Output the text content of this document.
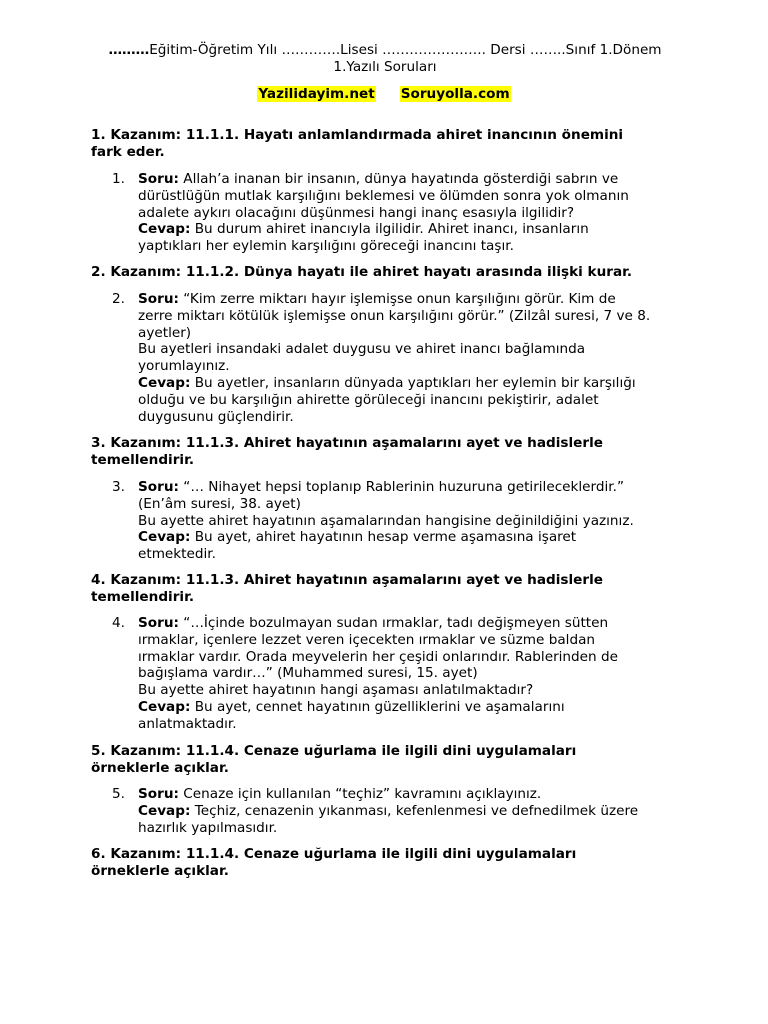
………Eğitim-Öğretim Yılı ………….Lisesi ………………….. Dersi ……..Sınıf 1.Dönem
1.Yazılı Soruları
Yazilidayim.net Soruyolla.com
1. Kazanım: 11.1.1. Hayatı anlamlandırmada ahiret inancının önemini
fark eder.
1. Soru: Allah’a inanan bir insanın, dünya hayatında gösterdiği sabrın ve
dürüstlüğün mutlak karşılığını beklemesi ve ölümden sonra yok olmanın
adalete aykırı olacağını düşünmesi hangi inanç esasıyla ilgilidir?
Cevap: Bu durum ahiret inancıyla ilgilidir. Ahiret inancı, insanların
yaptıkları her eylemin karşılığını göreceği inancını taşır.
2. Kazanım: 11.1.2. Dünya hayatı ile ahiret hayatı arasında ilişki kurar.
2. Soru: “Kim zerre miktarı hayır işlemişse onun karşılığını görür. Kim de
zerre miktarı kötülük işlemişse onun karşılığını görür.” (Zilzâl suresi, 7 ve 8.
ayetler)
Bu ayetleri insandaki adalet duygusu ve ahiret inancı bağlamında
yorumlayınız.
Cevap: Bu ayetler, insanların dünyada yaptıkları her eylemin bir karşılığı
olduğu ve bu karşılığın ahirette görüleceği inancını pekiştirir, adalet
duygusunu güçlendirir.
3. Kazanım: 11.1.3. Ahiret hayatının aşamalarını ayet ve hadislerle
temellendirir.
3. Soru: “… Nihayet hepsi toplanıp Rablerinin huzuruna getirileceklerdir.”
(En’âm suresi, 38. ayet)
Bu ayette ahiret hayatının aşamalarından hangisine değinildiğini yazınız.
Cevap: Bu ayet, ahiret hayatının hesap verme aşamasına işaret
etmektedir.
4. Kazanım: 11.1.3. Ahiret hayatının aşamalarını ayet ve hadislerle
temellendirir.
4. Soru: “…İçinde bozulmayan sudan ırmaklar, tadı değişmeyen sütten
ırmaklar, içenlere lezzet veren içecekten ırmaklar ve süzme baldan
ırmaklar vardır. Orada meyvelerin her çeşidi onlarındır. Rablerinden de
bağışlama vardır…” (Muhammed suresi, 15. ayet)
Bu ayette ahiret hayatının hangi aşaması anlatılmaktadır?
Cevap: Bu ayet, cennet hayatının güzelliklerini ve aşamalarını
anlatmaktadır.
5. Kazanım: 11.1.4. Cenaze uğurlama ile ilgili dini uygulamaları
örneklerle açıklar.
5. Soru: Cenaze için kullanılan “teçhiz” kavramını açıklayınız.
Cevap: Teçhiz, cenazenin yıkanması, kefenlenmesi ve defnedilmek üzere
hazırlık yapılmasıdır.
6. Kazanım: 11.1.4. Cenaze uğurlama ile ilgili dini uygulamaları
örneklerle açıklar.
